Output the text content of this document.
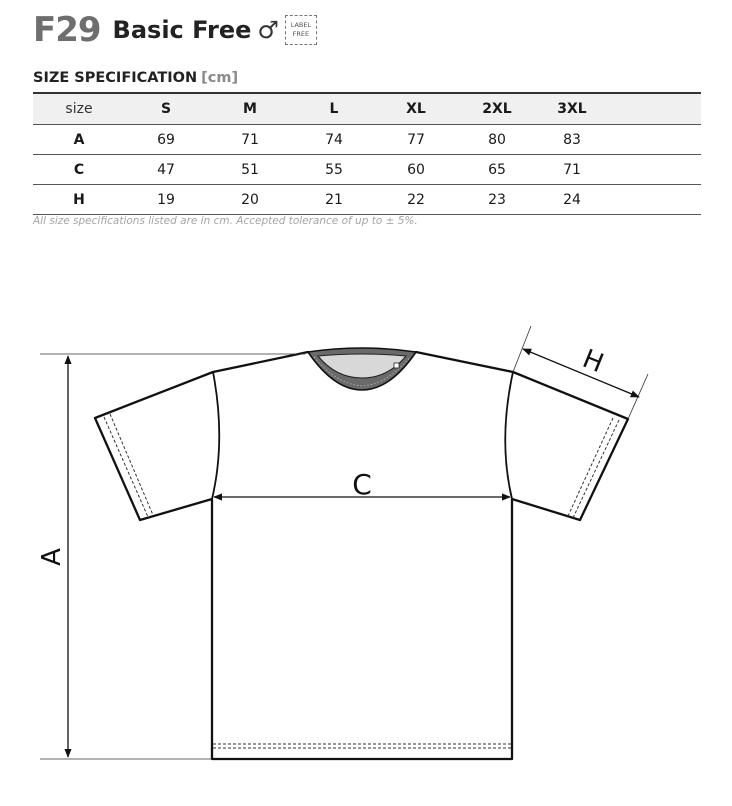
F29 Basic Free ♂ LABEL
FREE
SIZE SPECIFICATION [cm]
size	S	M	L	XL	2XL	3XL
A	69	71	74	77	80	83
C	47	51	55	60	65	71
H	19	20	21	22	23	24
All size specifications listed are in cm. Accepted tolerance of up to ± 5%.
A
C
H
